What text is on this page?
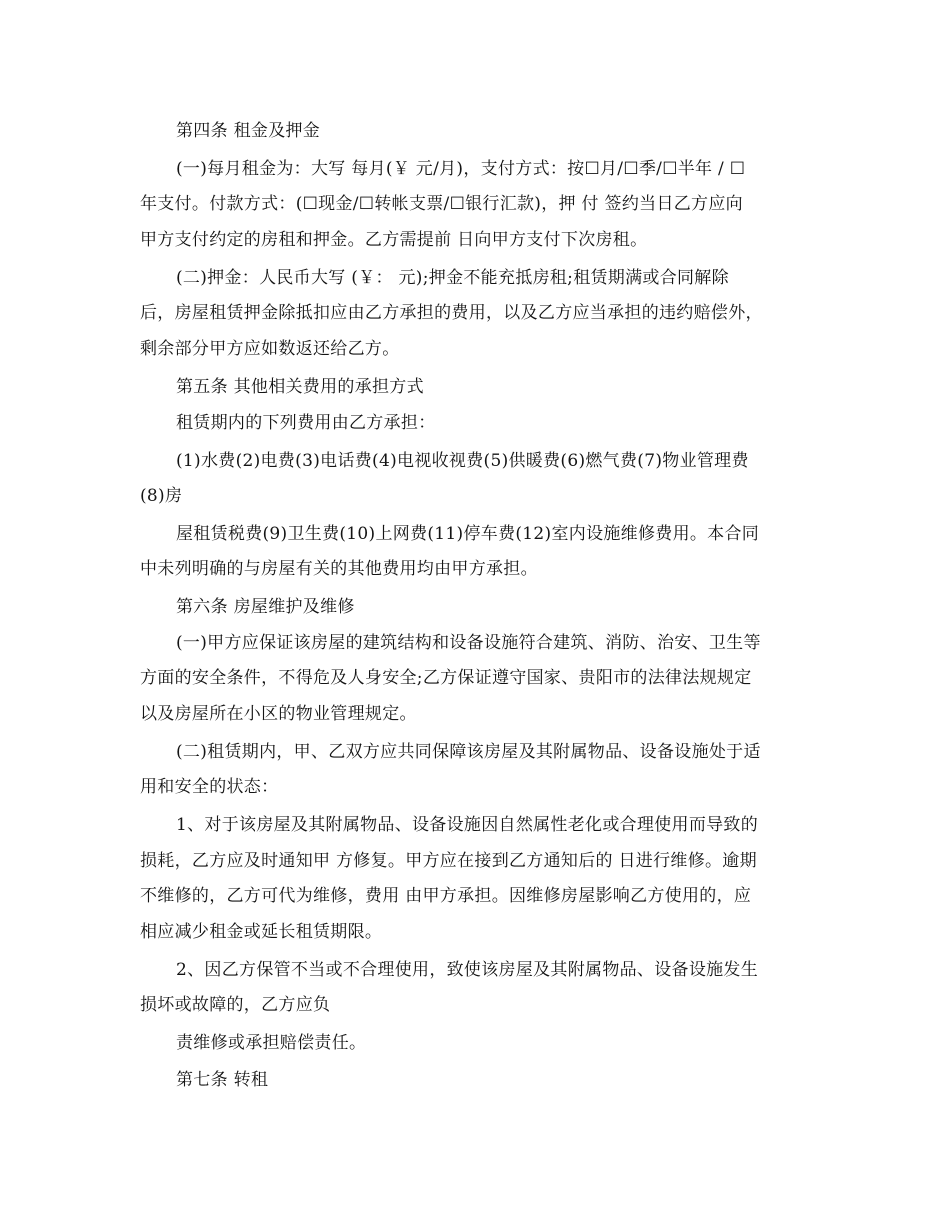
第四条 租金及押金
(一)每月租金为：大写 每月(￥ 元/月)，支付方式：按☐月/☐季/☐半年 / ☐
年支付。付款方式：(☐现金/☐转帐支票/☐银行汇款)，押 付 签约当日乙方应向
甲方支付约定的房租和押金。乙方需提前 日向甲方支付下次房租。
(二)押金：人民币大写 (￥： 元);押金不能充抵房租;租赁期满或合同解除
后，房屋租赁押金除抵扣应由乙方承担的费用，以及乙方应当承担的违约赔偿外，
剩余部分甲方应如数返还给乙方。
第五条 其他相关费用的承担方式
租赁期内的下列费用由乙方承担：
(1)水费(2)电费(3)电话费(4)电视收视费(5)供暖费(6)燃气费(7)物业管理费
(8)房
屋租赁税费(9)卫生费(10)上网费(11)停车费(12)室内设施维修费用。本合同
中未列明确的与房屋有关的其他费用均由甲方承担。
第六条 房屋维护及维修
(一)甲方应保证该房屋的建筑结构和设备设施符合建筑、消防、治安、卫生等
方面的安全条件，不得危及人身安全;乙方保证遵守国家、贵阳市的法律法规规定
以及房屋所在小区的物业管理规定。
(二)租赁期内，甲、乙双方应共同保障该房屋及其附属物品、设备设施处于适
用和安全的状态：
1、对于该房屋及其附属物品、设备设施因自然属性老化或合理使用而导致的
损耗，乙方应及时通知甲 方修复。甲方应在接到乙方通知后的 日进行维修。逾期
不维修的，乙方可代为维修，费用 由甲方承担。因维修房屋影响乙方使用的，应
相应减少租金或延长租赁期限。
2、因乙方保管不当或不合理使用，致使该房屋及其附属物品、设备设施发生
损坏或故障的，乙方应负
责维修或承担赔偿责任。
第七条 转租
